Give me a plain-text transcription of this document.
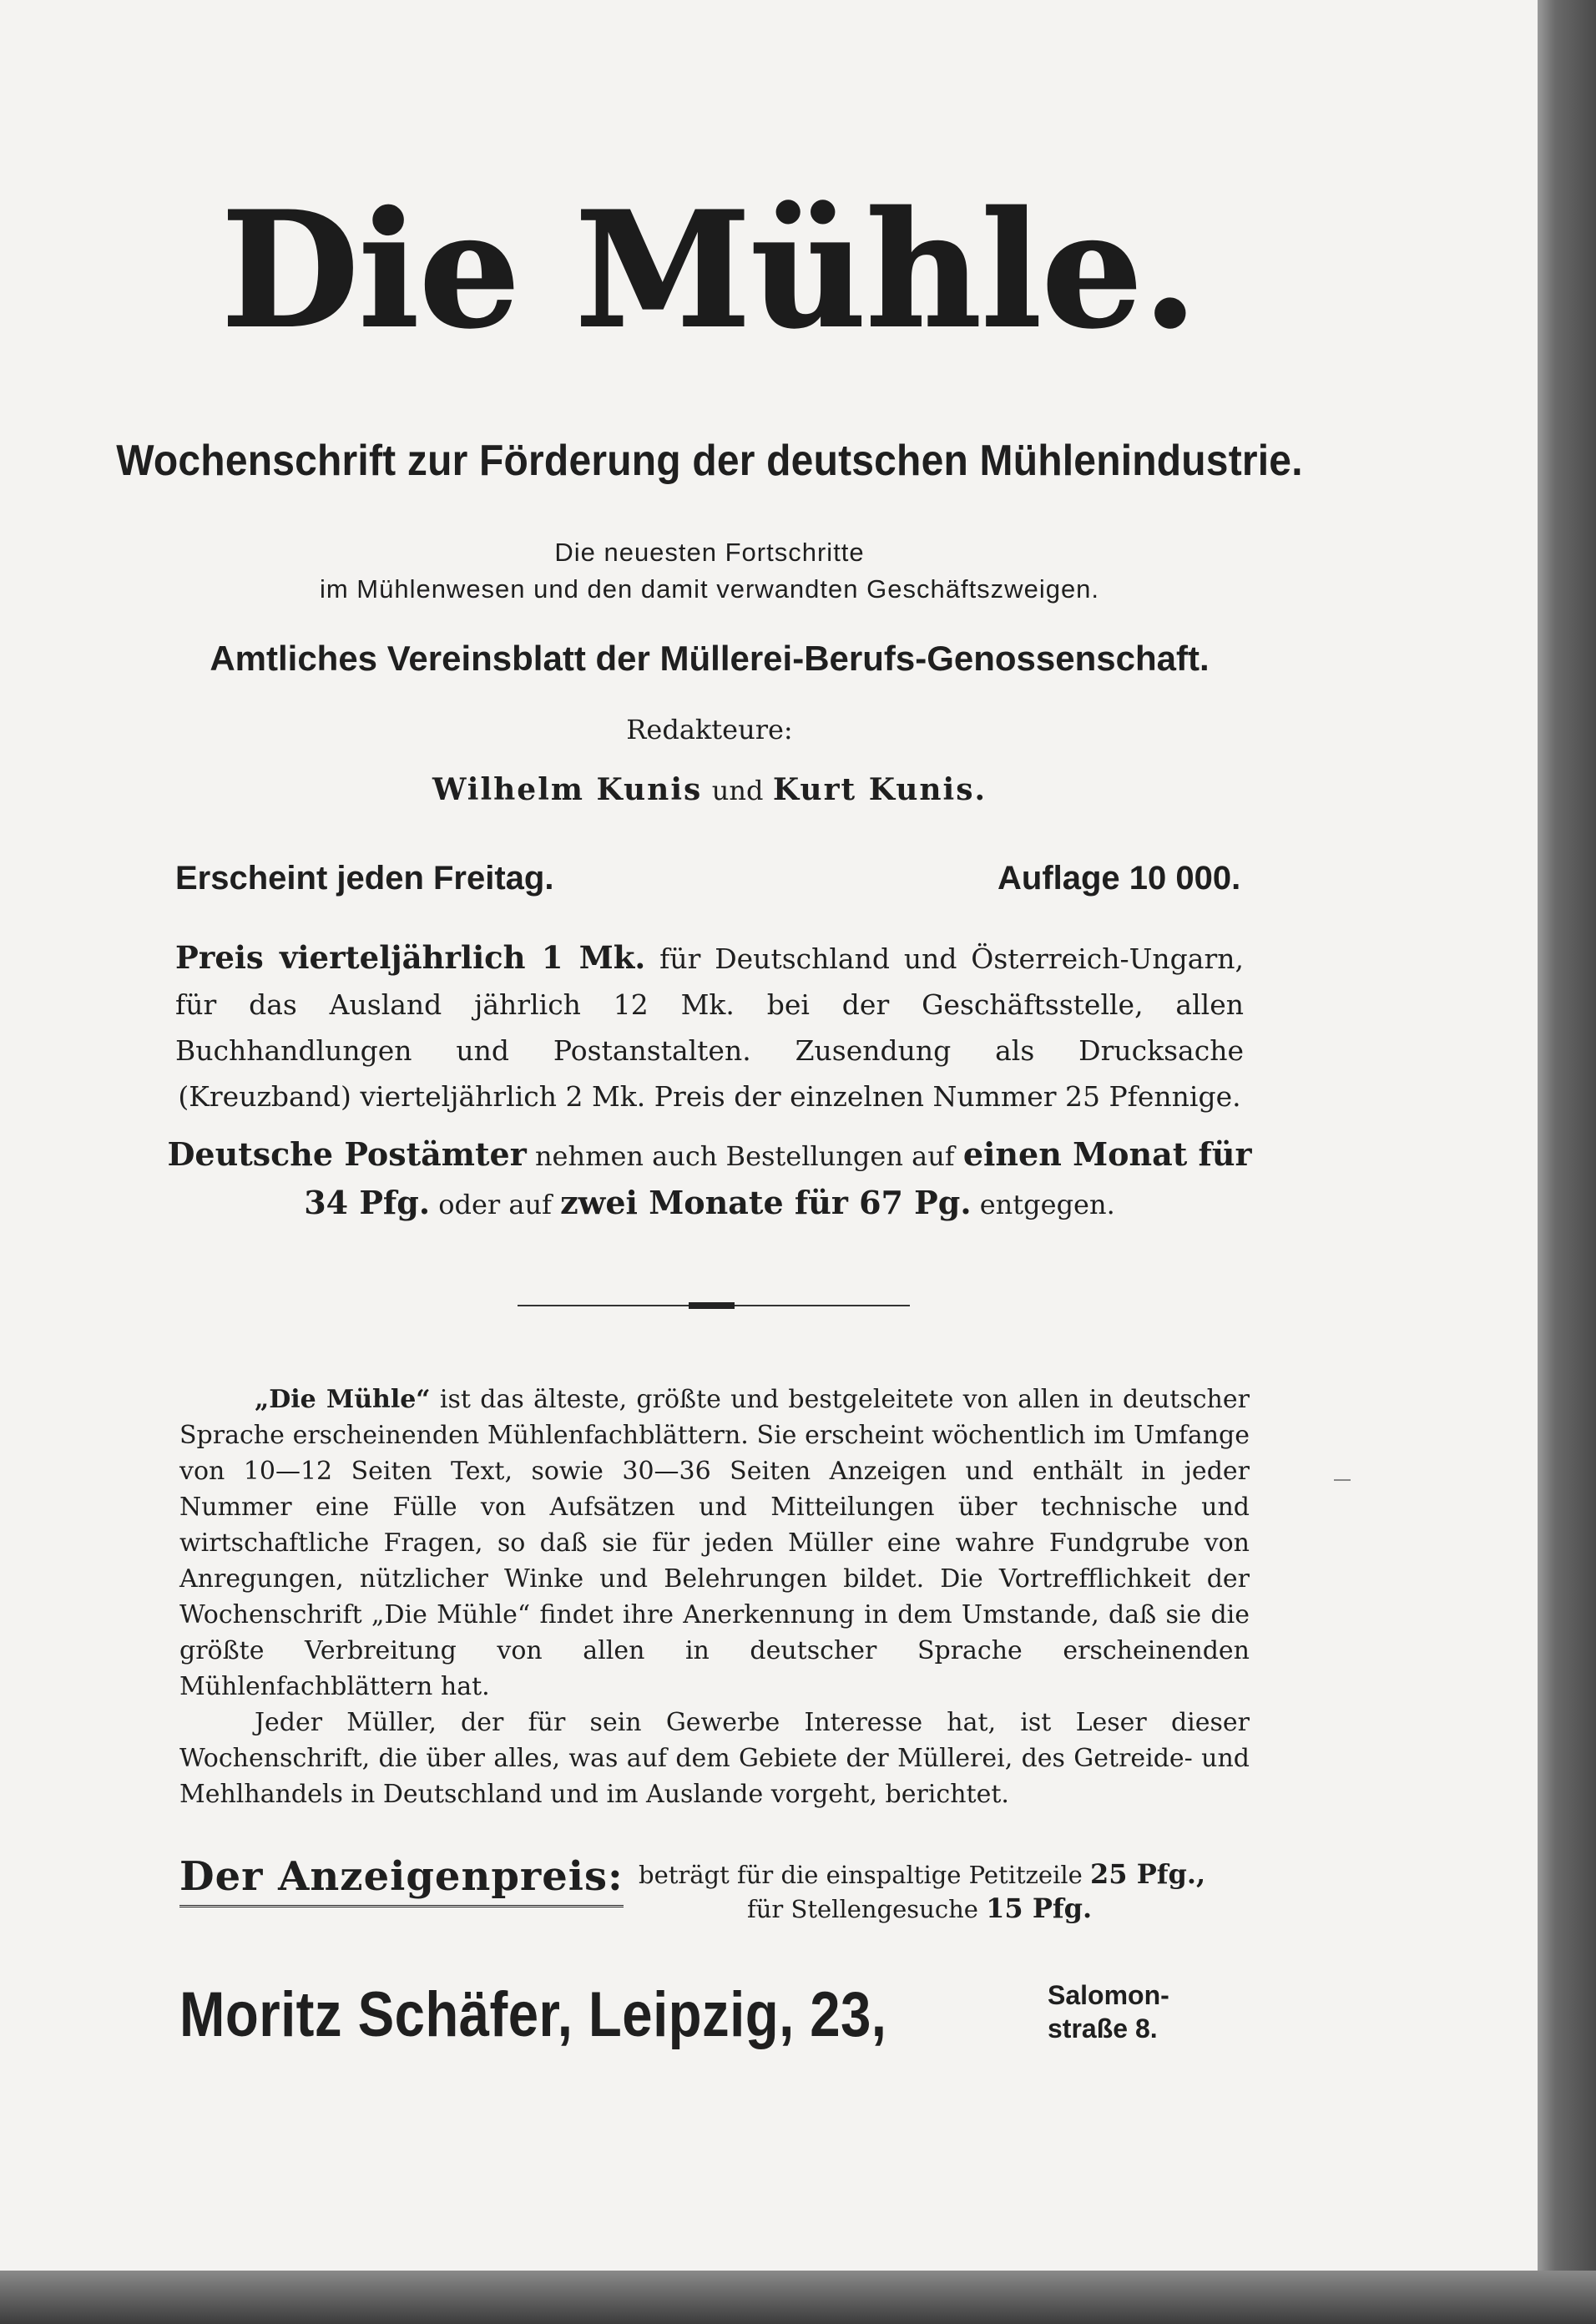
Die Mühle.
Wochenschrift zur Förderung der deutschen Mühlenindustrie.
Die neuesten Fortschritte
im Mühlenwesen und den damit verwandten Geschäftszweigen.
Amtliches Vereinsblatt der Müllerei-Berufs-Genossenschaft.
Redakteure:
Wilhelm Kunis und Kurt Kunis.
Erscheint jeden Freitag.	Auflage 10 000.
Preis vierteljährlich 1 Mk. für Deutschland und Österreich-Ungarn, für das Ausland jährlich 12 Mk. bei der Geschäftsstelle, allen Buchhandlungen und Postanstalten. Zusendung als Drucksache (Kreuzband) vierteljährlich 2 Mk. Preis der einzelnen Nummer 25 Pfennige.
Deutsche Postämter nehmen auch Bestellungen auf einen Monat für 34 Pfg. oder auf zwei Monate für 67 Pg. entgegen.

„Die Mühle“ ist das älteste, größte und bestgeleitete von allen in deutscher Sprache erscheinenden Mühlenfachblättern. Sie erscheint wöchentlich im Umfange von 10—12 Seiten Text, sowie 30—36 Seiten Anzeigen und enthält in jeder Nummer eine Fülle von Aufsätzen und Mitteilungen über technische und wirtschaftliche Fragen, so daß sie für jeden Müller eine wahre Fundgrube von Anregungen, nützlicher Winke und Belehrungen bildet. Die Vortrefflichkeit der Wochenschrift „Die Mühle“ findet ihre Anerkennung in dem Umstande, daß sie die größte Verbreitung von allen in deutscher Sprache erscheinenden Mühlenfachblättern hat.

Jeder Müller, der für sein Gewerbe Interesse hat, ist Leser dieser Wochenschrift, die über alles, was auf dem Gebiete der Müllerei, des Getreide- und Mehlhandels in Deutschland und im Auslande vorgeht, berichtet.

Der Anzeigenpreis: beträgt für die einspaltige Petitzeile 25 Pfg.,
für Stellengesuche 15 Pfg.
Moritz Schäfer, Leipzig, 23,	Salomon-
straße 8.
